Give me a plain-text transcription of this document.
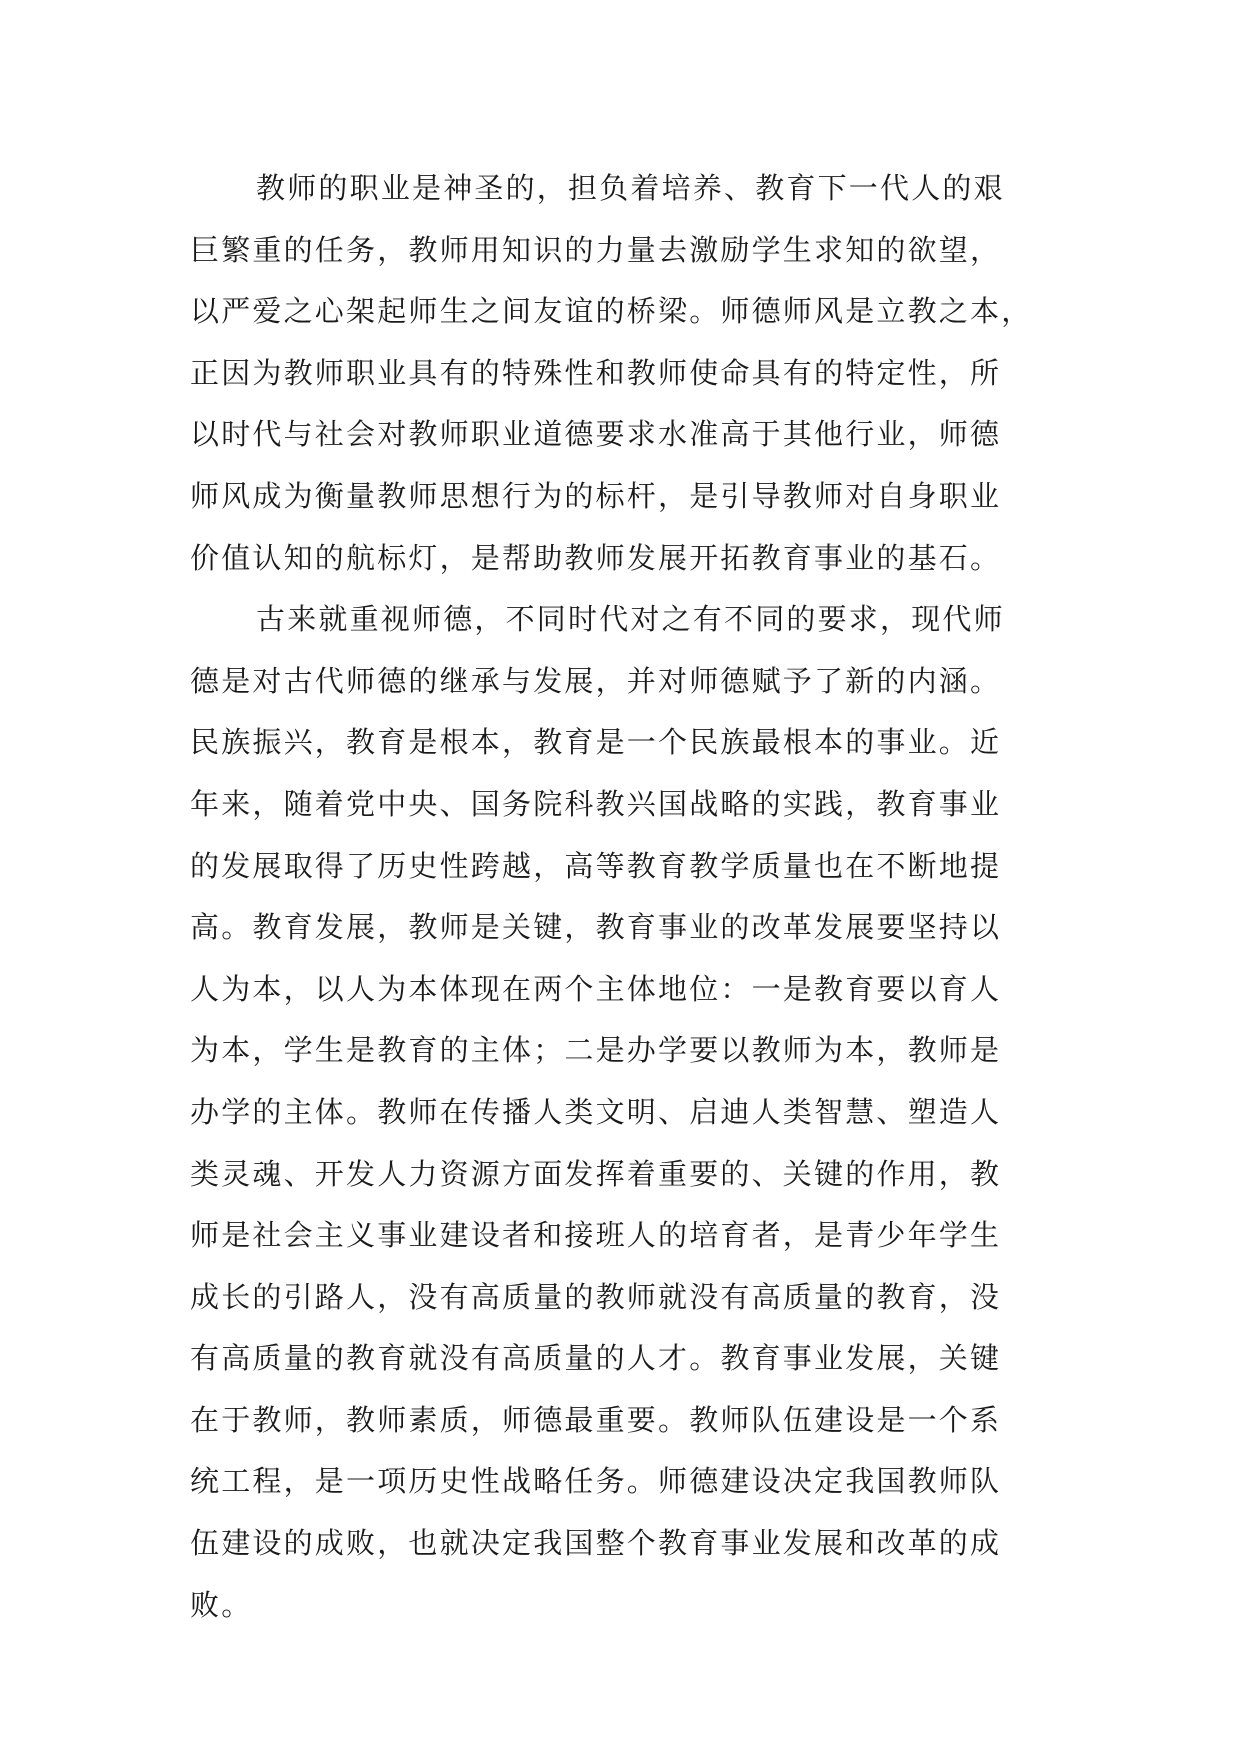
教师的职业是神圣的，担负着培养、教育下一代人的艰
巨繁重的任务，教师用知识的力量去激励学生求知的欲望，
以严爱之心架起师生之间友谊的桥梁。师德师风是立教之本，
正因为教师职业具有的特殊性和教师使命具有的特定性，所
以时代与社会对教师职业道德要求水准高于其他行业，师德
师风成为衡量教师思想行为的标杆，是引导教师对自身职业
价值认知的航标灯，是帮助教师发展开拓教育事业的基石。
古来就重视师德，不同时代对之有不同的要求，现代师
德是对古代师德的继承与发展，并对师德赋予了新的内涵。
民族振兴，教育是根本，教育是一个民族最根本的事业。近
年来，随着党中央、国务院科教兴国战略的实践，教育事业
的发展取得了历史性跨越，高等教育教学质量也在不断地提
高。教育发展，教师是关键，教育事业的改革发展要坚持以
人为本，以人为本体现在两个主体地位：一是教育要以育人
为本，学生是教育的主体；二是办学要以教师为本，教师是
办学的主体。教师在传播人类文明、启迪人类智慧、塑造人
类灵魂、开发人力资源方面发挥着重要的、关键的作用，教
师是社会主义事业建设者和接班人的培育者，是青少年学生
成长的引路人，没有高质量的教师就没有高质量的教育，没
有高质量的教育就没有高质量的人才。教育事业发展，关键
在于教师，教师素质，师德最重要。教师队伍建设是一个系
统工程，是一项历史性战略任务。师德建设决定我国教师队
伍建设的成败，也就决定我国整个教育事业发展和改革的成
败。
